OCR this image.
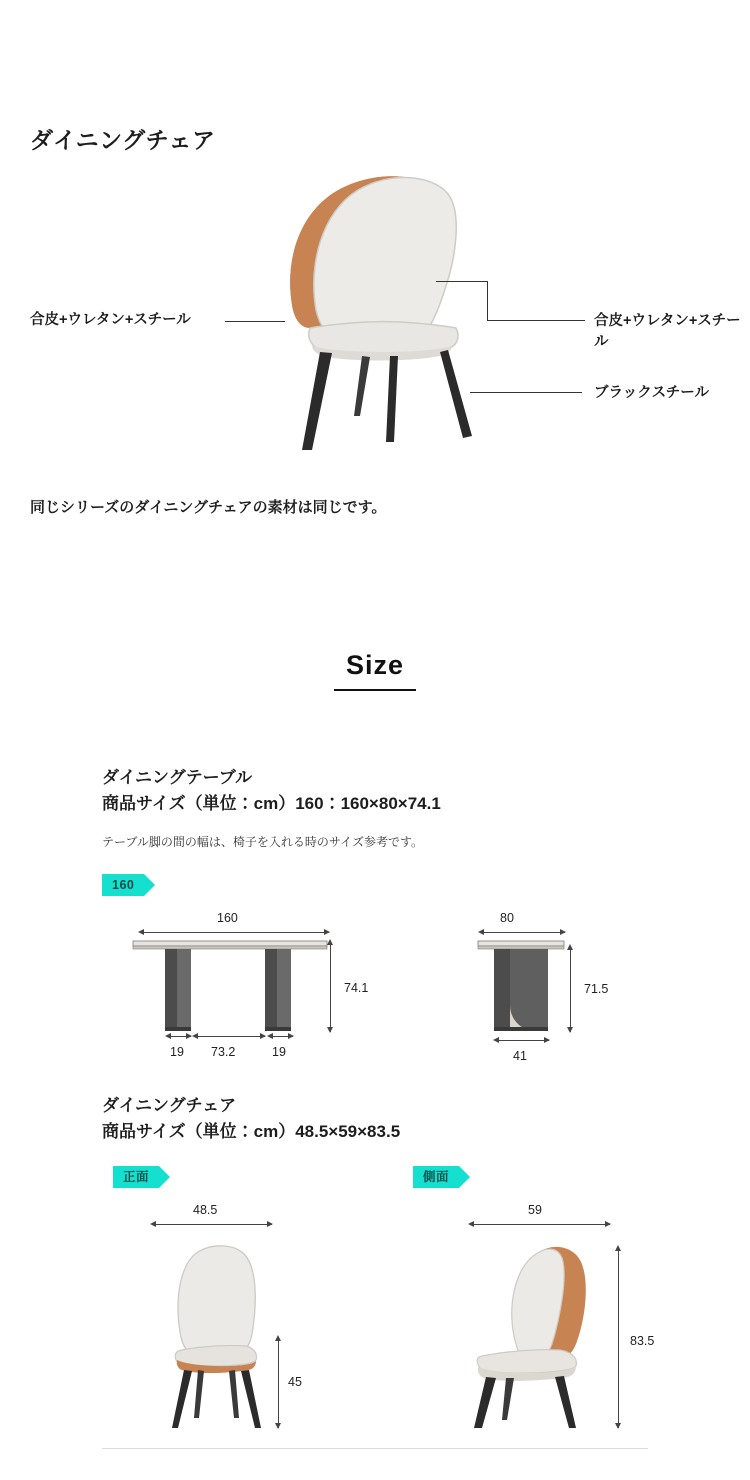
ダイニングチェア
合皮+ウレタン+スチール	合皮+ウレタン+スチール
ブラックスチール
同じシリーズのダイニングチェアの素材は同じです。
Size
ダイニングテーブル
商品サイズ（単位：cm）160：160×80×74.1
テーブル脚の間の幅は、椅子を入れる時のサイズ参考です。
160
160
74.1
19 73.2	19
80
71.5
41
ダイニングチェア
商品サイズ（単位：cm）48.5×59×83.5
正面	側面
48.5
45
59
83.5
